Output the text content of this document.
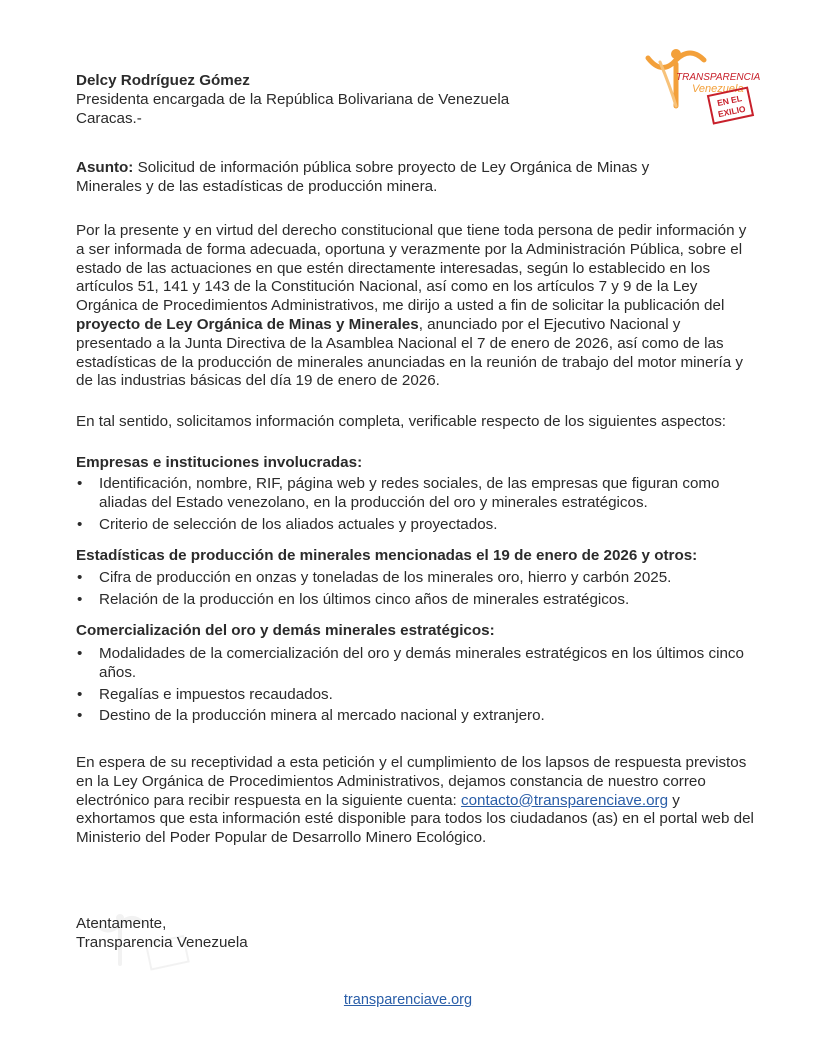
TRANSPARENCIA
Venezuela
EN EL
EXILIO

Delcy Rodríguez Gómez
Presidenta encargada de la República Bolivariana de Venezuela
Caracas.-

Asunto: Solicitud de información pública sobre proyecto de Ley Orgánica de Minas y Minerales y de las estadísticas de producción minera.

Por la presente y en virtud del derecho constitucional que tiene toda persona de pedir información y a ser informada de forma adecuada, oportuna y verazmente por la Administración Pública, sobre el estado de las actuaciones en que estén directamente interesadas, según lo establecido en los artículos 51, 141 y 143 de la Constitución Nacional, así como en los artículos 7 y 9 de la Ley Orgánica de Procedimientos Administrativos, me dirijo a usted a fin de solicitar la publicación del proyecto de Ley Orgánica de Minas y Minerales, anunciado por el Ejecutivo Nacional y presentado a la Junta Directiva de la Asamblea Nacional el 7 de enero de 2026, así como de las estadísticas de la producción de minerales anunciadas en la reunión de trabajo del motor minería y de las industrias básicas del día 19 de enero de 2026.

En tal sentido, solicitamos información completa, verificable respecto de los siguientes aspectos:

Empresas e instituciones involucradas:

• Identificación, nombre, RIF, página web y redes sociales, de las empresas que figuran como aliadas del Estado venezolano, en la producción del oro y minerales estratégicos.
• Criterio de selección de los aliados actuales y proyectados.

Estadísticas de producción de minerales mencionadas el 19 de enero de 2026 y otros:

• Cifra de producción en onzas y toneladas de los minerales oro, hierro y carbón 2025.
• Relación de la producción en los últimos cinco años de minerales estratégicos.

Comercialización del oro y demás minerales estratégicos:

• Modalidades de la comercialización del oro y demás minerales estratégicos en los últimos cinco años.
• Regalías e impuestos recaudados.
• Destino de la producción minera al mercado nacional y extranjero.

En espera de su receptividad a esta petición y el cumplimiento de los lapsos de respuesta previstos en la Ley Orgánica de Procedimientos Administrativos, dejamos constancia de nuestro correo electrónico para recibir respuesta en la siguiente cuenta: contacto@transparenciave.org y exhortamos que esta información esté disponible para todos los ciudadanos (as) en el portal web del Ministerio del Poder Popular de Desarrollo Minero Ecológico.

Atentamente,
Transparencia Venezuela

transparenciave.org
